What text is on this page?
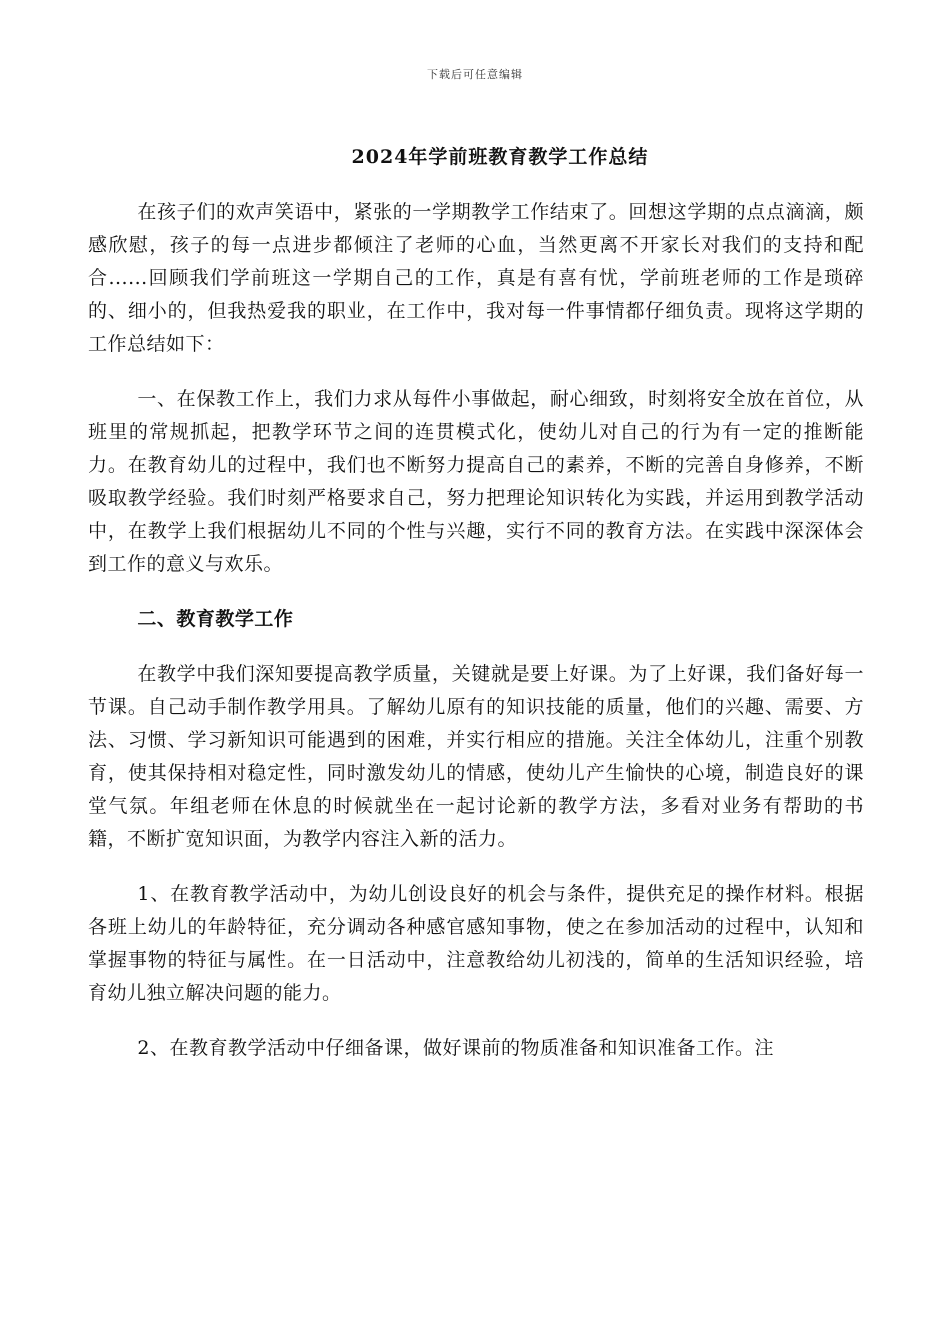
下载后可任意编辑
2024年学前班教育教学工作总结

在孩子们的欢声笑语中，紧张的一学期教学工作结束了。回想这学期的点点滴滴，颇感欣慰，孩子的每一点进步都倾注了老师的心血，当然更离不开家长对我们的支持和配合......回顾我们学前班这一学期自己的工作，真是有喜有忧，学前班老师的工作是琐碎的、细小的，但我热爱我的职业，在工作中，我对每一件事情都仔细负责。现将这学期的工作总结如下：

一、在保教工作上，我们力求从每件小事做起，耐心细致，时刻将安全放在首位，从班里的常规抓起，把教学环节之间的连贯模式化，使幼儿对自己的行为有一定的推断能力。在教育幼儿的过程中，我们也不断努力提高自己的素养，不断的完善自身修养，不断吸取教学经验。我们时刻严格要求自己，努力把理论知识转化为实践，并运用到教学活动中，在教学上我们根据幼儿不同的个性与兴趣，实行不同的教育方法。在实践中深深体会到工作的意义与欢乐。

二、教育教学工作

在教学中我们深知要提高教学质量，关键就是要上好课。为了上好课，我们备好每一节课。自己动手制作教学用具。了解幼儿原有的知识技能的质量，他们的兴趣、需要、方法、习惯、学习新知识可能遇到的困难，并实行相应的措施。关注全体幼儿，注重个别教育，使其保持相对稳定性，同时激发幼儿的情感，使幼儿产生愉快的心境，制造良好的课堂气氛。年组老师在休息的时候就坐在一起讨论新的教学方法，多看对业务有帮助的书籍，不断扩宽知识面，为教学内容注入新的活力。

1、在教育教学活动中，为幼儿创设良好的机会与条件，提供充足的操作材料。根据各班上幼儿的年龄特征，充分调动各种感官感知事物，使之在参加活动的过程中，认知和掌握事物的特征与属性。在一日活动中，注意教给幼儿初浅的，简单的生活知识经验，培育幼儿独立解决问题的能力。

2、在教育教学活动中仔细备课，做好课前的物质准备和知识准备工作。注
